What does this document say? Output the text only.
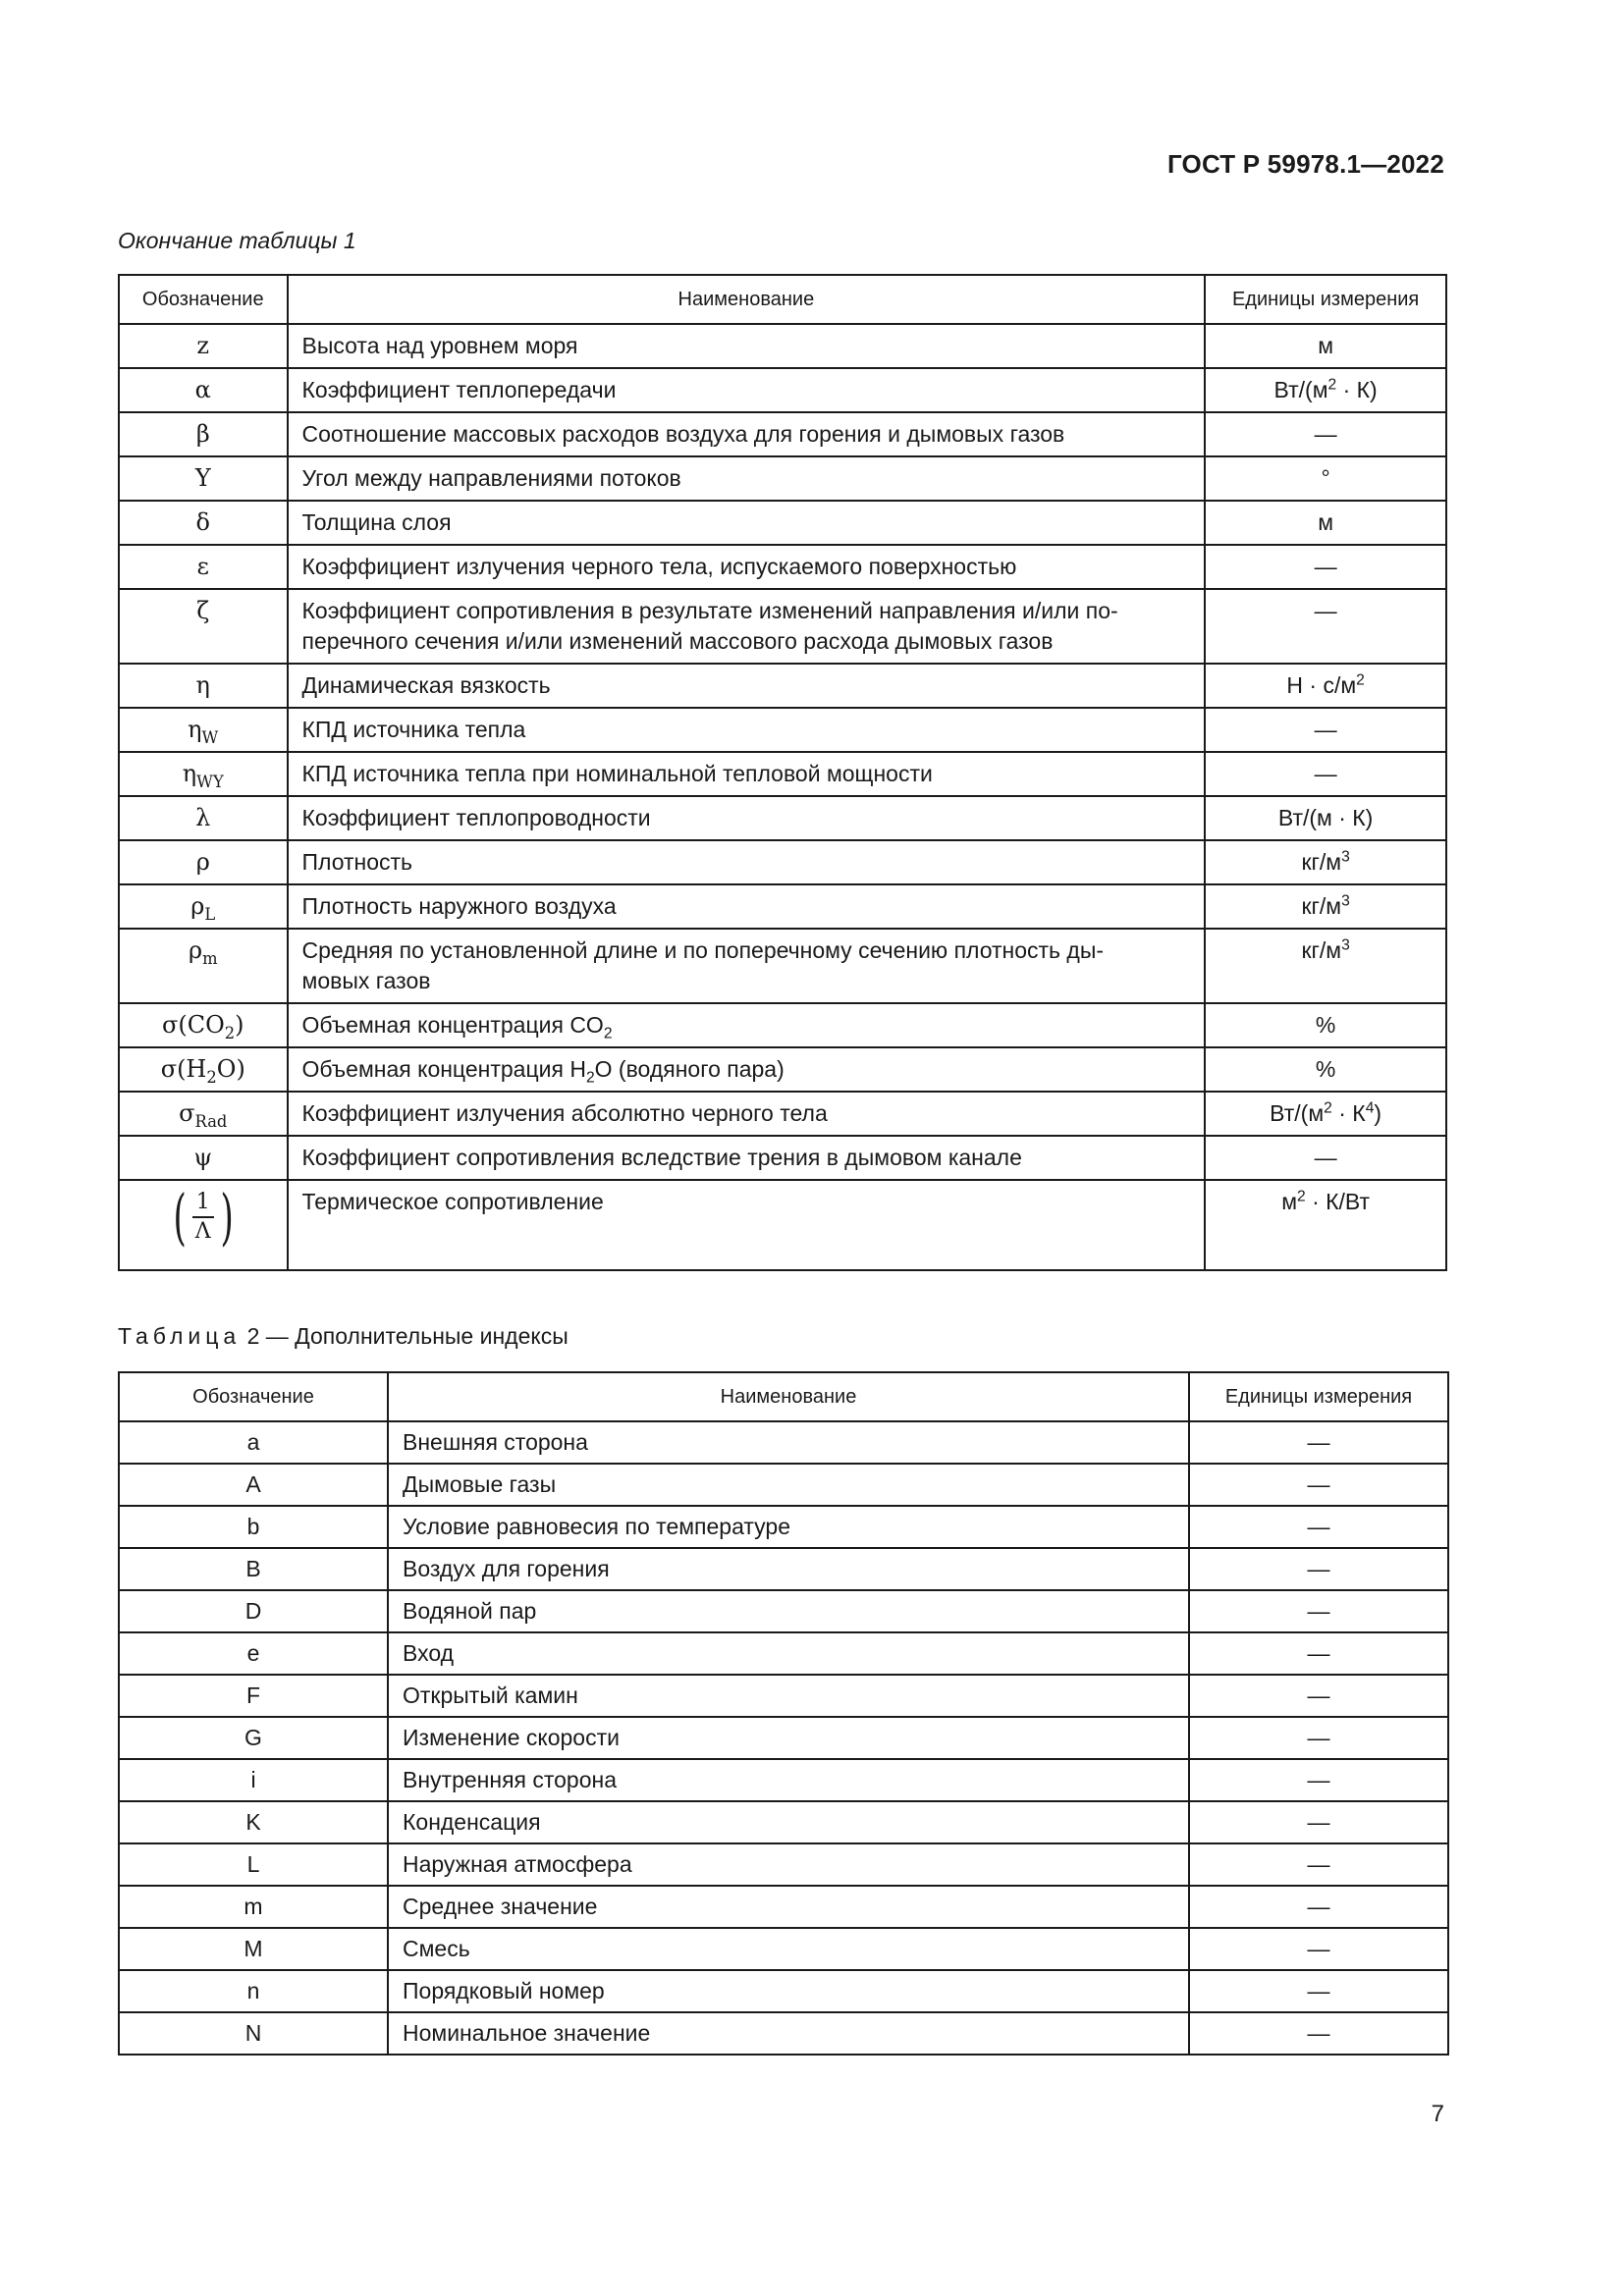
ГОСТ Р 59978.1—2022
Окончание таблицы 1
Обозначение	Наименование	Единицы измерения
z	Высота над уровнем моря	м
α	Коэффициент теплопередачи	$Вт/(м^2 \cdot К)$
β	Соотношение массовых расходов воздуха для горения и дымовых газов	—
Υ	Угол между направлениями потоков	°
δ	Толщина слоя	м
ε	Коэффициент излучения черного тела, испускаемого поверхностью	—
ζ	Коэффициент сопротивления в результате изменений направления и/или по-
перечного сечения и/или изменений массового расхода дымовых газов	—
η	Динамическая вязкость	$Н \cdot с/м^2$
$\eta_W$	КПД источника тепла	—
$\eta_{WY}$	КПД источника тепла при номинальной тепловой мощности	—
λ	Коэффициент теплопроводности	Вт/(м · К)
ρ	Плотность	$кг/м^3$
$\rho_L$	Плотность наружного воздуха	$кг/м^3$
$\rho_m$	Средняя по установленной длине и по поперечному сечению плотность ды-
мовых газов	$кг/м^3$
$\sigma(CO_2)$	Объемная концентрация $CO_2$	%
$\sigma(H_2O)$	Объемная концентрация $H_2O$ (водяного пара)	%
$\sigma_{Rad}$	Коэффициент излучения абсолютно черного тела	$Вт/(м^2 \cdot К^4)$
ψ	Коэффициент сопротивления вследствие трения в дымовом канале	—

( $\frac{1}{\Lambda}$ )	Термическое сопротивление	$м^2 \cdot К/Вт$
Таблица 2 — Дополнительные индексы
Обозначение	Наименование	Единицы измерения
a	Внешняя сторона	—
A	Дымовые газы	—
b	Условие равновесия по температуре	—
B	Воздух для горения	—
D	Водяной пар	—
e	Вход	—
F	Открытый камин	—
G	Изменение скорости	—
i	Внутренняя сторона	—
K	Конденсация	—
L	Наружная атмосфера	—
m	Среднее значение	—
M	Смесь	—
n	Порядковый номер	—
N	Номинальное значение	—
7
